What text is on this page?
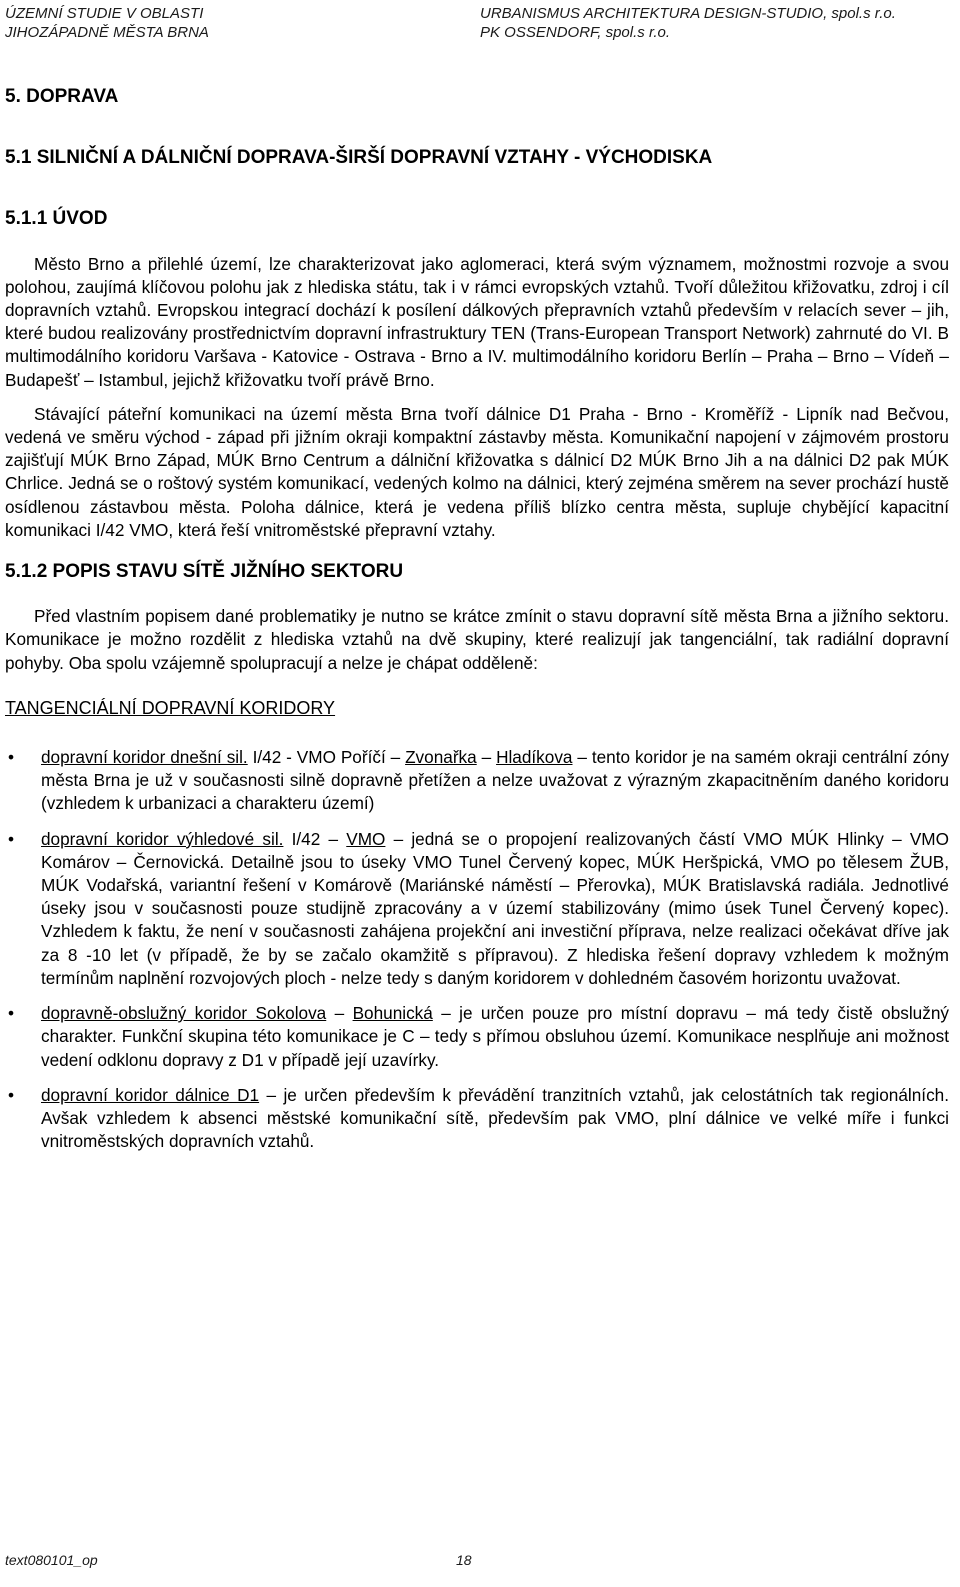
ÚZEMNÍ STUDIE V OBLASTI
JIHOZÁPADNĚ MĚSTA BRNA
URBANISMUS ARCHITEKTURA DESIGN-STUDIO, spol.s r.o.
PK OSSENDORF, spol.s r.o.
5. DOPRAVA
5.1 SILNIČNÍ A DÁLNIČNÍ DOPRAVA-ŠIRŠÍ DOPRAVNÍ VZTAHY - VÝCHODISKA
5.1.1 ÚVOD

Město Brno a přilehlé území, lze charakterizovat jako aglomeraci, která svým významem, možnostmi rozvoje a svou polohou, zaujímá klíčovou polohu jak z hlediska státu, tak i v rámci evropských vztahů. Tvoří důležitou křižovatku, zdroj i cíl dopravních vztahů. Evropskou integrací dochází k posílení dálkových přepravních vztahů především v relacích sever – jih, které budou realizovány prostřednictvím dopravní infrastruktury TEN (Trans-European Transport Network) zahrnuté do VI. B multimodálního koridoru Varšava - Katovice - Ostrava - Brno a IV. multimodálního koridoru Berlín – Praha – Brno – Vídeň – Budapešť – Istambul, jejichž křižovatku tvoří právě Brno.

Stávající páteřní komunikaci na území města Brna tvoří dálnice D1 Praha - Brno - Kroměříž - Lipník nad Bečvou, vedená ve směru východ - západ při jižním okraji kompaktní zástavby města. Komunikační napojení v zájmovém prostoru zajišťují MÚK Brno Západ, MÚK Brno Centrum a dálniční křižovatka s dálnicí D2 MÚK Brno Jih a na dálnici D2 pak MÚK Chrlice. Jedná se o roštový systém komunikací, vedených kolmo na dálnici, který zejména směrem na sever prochází hustě osídlenou zástavbou města. Poloha dálnice, která je vedena příliš blízko centra města, supluje chybějící kapacitní komunikaci I/42 VMO, která řeší vnitroměstské přepravní vztahy.

5.1.2 POPIS STAVU SÍTĚ JIŽNÍHO SEKTORU

Před vlastním popisem dané problematiky je nutno se krátce zmínit o stavu dopravní sítě města Brna a jižního sektoru. Komunikace je možno rozdělit z hlediska vztahů na dvě skupiny, které realizují jak tangenciální, tak radiální dopravní pohyby. Oba spolu vzájemně spolupracují a nelze je chápat odděleně:

TANGENCIÁLNÍ DOPRAVNÍ KORIDORY
• dopravní koridor dnešní sil. I/42 - VMO Poříčí – Zvonařka – Hladíkova – tento koridor je na samém okraji centrální zóny města Brna je už v současnosti silně dopravně přetížen a nelze uvažovat z výrazným zkapacitněním daného koridoru (vzhledem k urbanizaci a charakteru území)
• dopravní koridor výhledové sil. I/42 – VMO – jedná se o propojení realizovaných částí VMO MÚK Hlinky – VMO Komárov – Černovická. Detailně jsou to úseky VMO Tunel Červený kopec, MÚK Heršpická, VMO po tělesem ŽUB, MÚK Vodařská, variantní řešení v Komárově (Mariánské náměstí – Přerovka), MÚK Bratislavská radiála. Jednotlivé úseky jsou v současnosti pouze studijně zpracovány a v území stabilizovány (mimo úsek Tunel Červený kopec). Vzhledem k faktu, že není v současnosti zahájena projekční ani investiční příprava, nelze realizaci očekávat dříve jak za 8 -10 let (v případě, že by se začalo okamžitě s přípravou). Z hlediska řešení dopravy vzhledem k možným termínům naplnění rozvojových ploch - nelze tedy s daným koridorem v dohledném časovém horizontu uvažovat.
• dopravně-obslužný koridor Sokolova – Bohunická – je určen pouze pro místní dopravu – má tedy čistě obslužný charakter. Funkční skupina této komunikace je C – tedy s přímou obsluhou území. Komunikace nesplňuje ani možnost vedení odklonu dopravy z D1 v případě její uzavírky.
• dopravní koridor dálnice D1 – je určen především k převádění tranzitních vztahů, jak celostátních tak regionálních. Avšak vzhledem k absenci městské komunikační sítě, především pak VMO, plní dálnice ve velké míře i funkci vnitroměstských dopravních vztahů.
text080101_op	18
